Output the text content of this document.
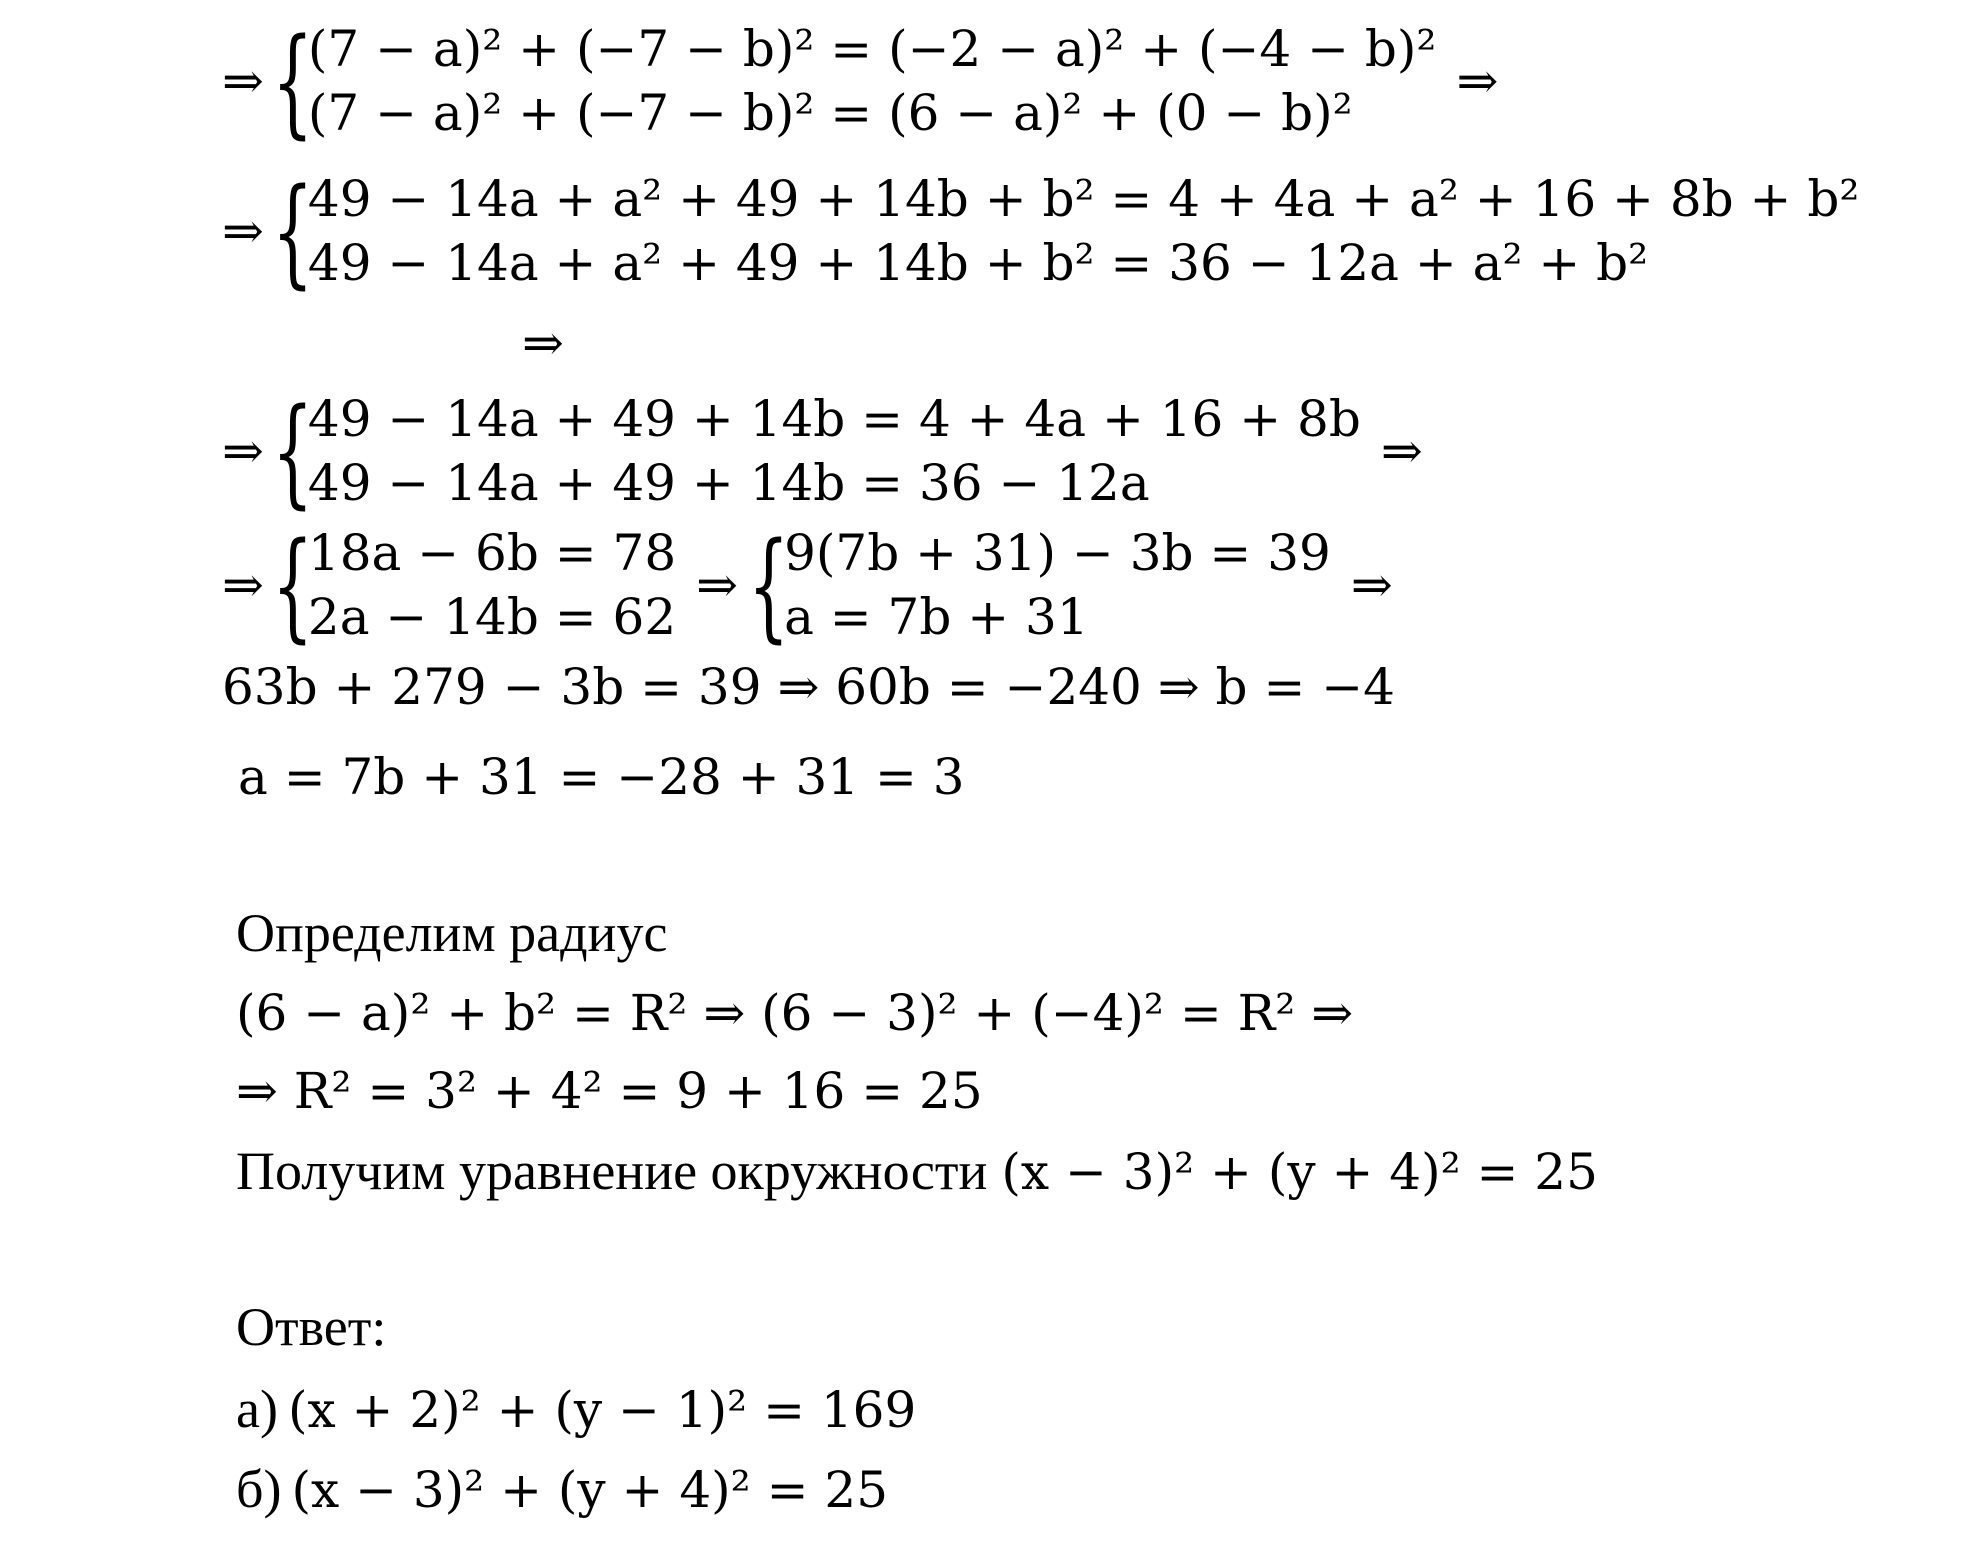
⇒ {
(7 − a)² + (−7 − b)² = (−2 − a)² + (−4 − b)²
(7 − a)² + (−7 − b)² = (6 − a)² + (0 − b)²
⇒
⇒ {
49 − 14a + a² + 49 + 14b + b² = 4 + 4a + a² + 16 + 8b + b²
49 − 14a + a² + 49 + 14b + b² = 36 − 12a + a² + b²
⇒
⇒ {
49 − 14a + 49 + 14b = 4 + 4a + 16 + 8b
49 − 14a + 49 + 14b = 36 − 12a
⇒
⇒ {
18a − 6b = 78
2a − 14b = 62
⇒ {
9(7b + 31) − 3b = 39
a = 7b + 31
⇒
63b + 279 − 3b = 39 ⇒ 60b = −240 ⇒ b = −4
a = 7b + 31 = −28 + 31 = 3
Определим радиус
(6 − a)² + b² = R² ⇒ (6 − 3)² + (−4)² = R² ⇒
⇒ R² = 3² + 4² = 9 + 16 = 25
Получим уравнение окружности (x − 3)² + (y + 4)² = 25
Ответ:
а) (x + 2)² + (y − 1)² = 169
б) (x − 3)² + (y + 4)² = 25
